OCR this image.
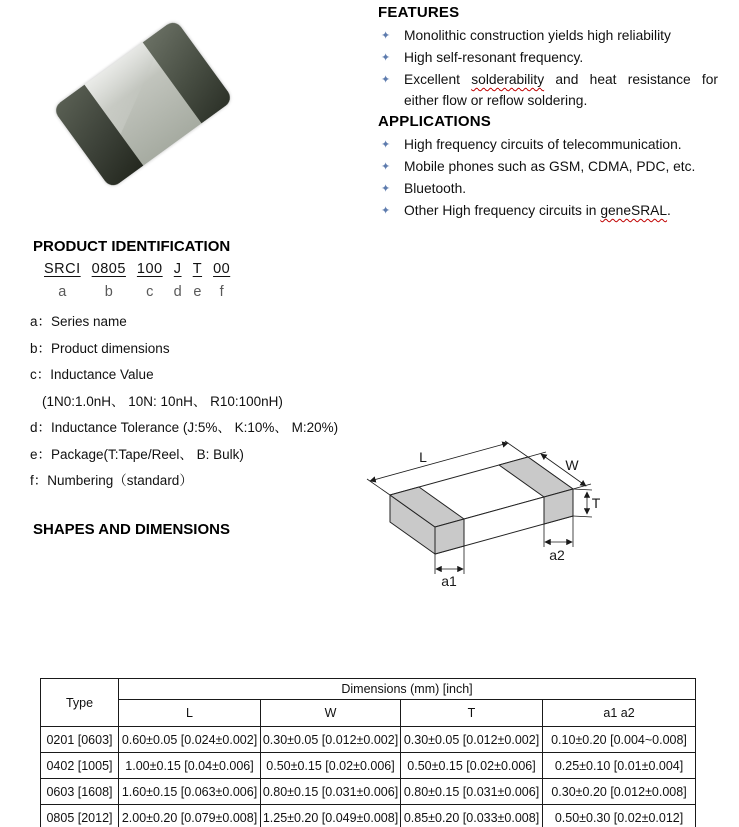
FEATURES
✦ Monolithic construction yields high reliability
✦ High self-resonant frequency.
✦ Excellent solderability and heat resistance for either flow or reflow soldering.
APPLICATIONS
✦ High frequency circuits of telecommunication.
✦ Mobile phones such as GSM, CDMA, PDC, etc.
✦ Bluetooth.
✦ Other High frequency circuits in geneSRAL.
PRODUCT IDENTIFICATION
SRCI
a
0805
b
100
c
J
d
T
e
00
f
a：Series name
b：Product dimensions
c：Inductance Value
(1N0:1.0nH、 10N: 10nH、 R10:100nH)
d：Inductance Tolerance (J:5%、 K:10%、 M:20%)
e：Package(T:Tape/Reel、 B: Bulk)
f：Numbering（standard）
SHAPES AND DIMENSIONS
L	W
T
a1
a2
Type	Dimensions (mm) [inch]			
	L	W	T	a1 a2
0201 [0603]	0.60±0.05 [0.024±0.002]	0.30±0.05 [0.012±0.002]	0.30±0.05 [0.012±0.002]	0.10±0.20 [0.004~0.008]
0402 [1005]	1.00±0.15 [0.04±0.006]	0.50±0.15 [0.02±0.006]	0.50±0.15 [0.02±0.006]	0.25±0.10 [0.01±0.004]
0603 [1608]	1.60±0.15 [0.063±0.006]	0.80±0.15 [0.031±0.006]	0.80±0.15 [0.031±0.006]	0.30±0.20 [0.012±0.008]
0805 [2012]	2.00±0.20 [0.079±0.008]	1.25±0.20 [0.049±0.008]	0.85±0.20 [0.033±0.008]	0.50±0.30 [0.02±0.012]
